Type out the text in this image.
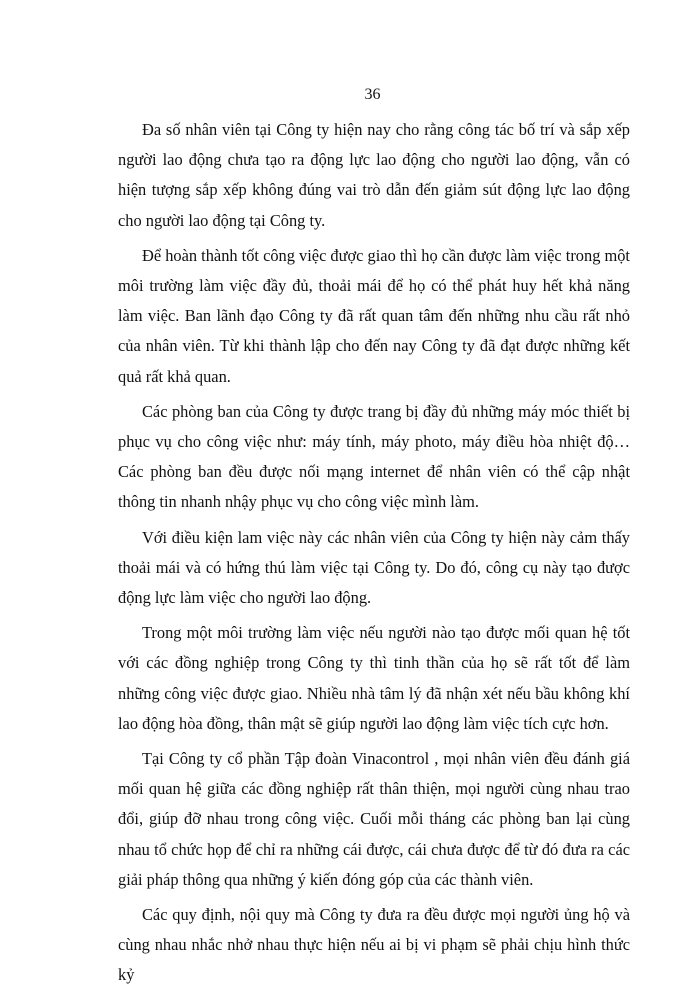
36

Đa số nhân viên tại Công ty hiện nay cho rằng công tác bố trí và sắp xếp người lao động chưa tạo ra động lực lao động cho người lao động, vẫn có hiện tượng sắp xếp không đúng vai trò dẫn đến giảm sút động lực lao động cho người lao động tại Công ty.

Để hoàn thành tốt công việc được giao thì họ cần được làm việc trong một môi trường làm việc đầy đủ, thoải mái để họ có thể phát huy hết khả năng làm việc. Ban lãnh đạo Công ty đã rất quan tâm đến những nhu cầu rất nhỏ của nhân viên. Từ khi thành lập cho đến nay Công ty đã đạt được những kết quả rất khả quan.

Các phòng ban của Công ty được trang bị đầy đủ những máy móc thiết bị phục vụ cho công việc như: máy tính, máy photo, máy điều hòa nhiệt độ…Các phòng ban đều được nối mạng internet để nhân viên có thể cập nhật thông tin nhanh nhậy phục vụ cho công việc mình làm.

Với điều kiện lam việc này các nhân viên của Công ty hiện này cảm thấy thoải mái và có hứng thú làm việc tại Công ty. Do đó, công cụ này tạo được động lực làm việc cho người lao động.

Trong một môi trường làm việc nếu người nào tạo được mối quan hệ tốt với các đồng nghiệp trong Công ty thì tinh thần của họ sẽ rất tốt để làm những công việc được giao. Nhiều nhà tâm lý đã nhận xét nếu bầu không khí lao động hòa đồng, thân mật sẽ giúp người lao động làm việc tích cực hơn.

Tại Công ty cổ phần Tập đoàn Vinacontrol , mọi nhân viên đều đánh giá mối quan hệ giữa các đồng nghiệp rất thân thiện, mọi người cùng nhau trao đổi, giúp đỡ nhau trong công việc. Cuối mỗi tháng các phòng ban lại cùng nhau tổ chức họp để chỉ ra những cái được, cái chưa được để từ đó đưa ra các giải pháp thông qua những ý kiến đóng góp của các thành viên.

Các quy định, nội quy mà Công ty đưa ra đều được mọi người ủng hộ và cùng nhau nhắc nhở nhau thực hiện nếu ai bị vi phạm sẽ phải chịu hình thức kỷ
